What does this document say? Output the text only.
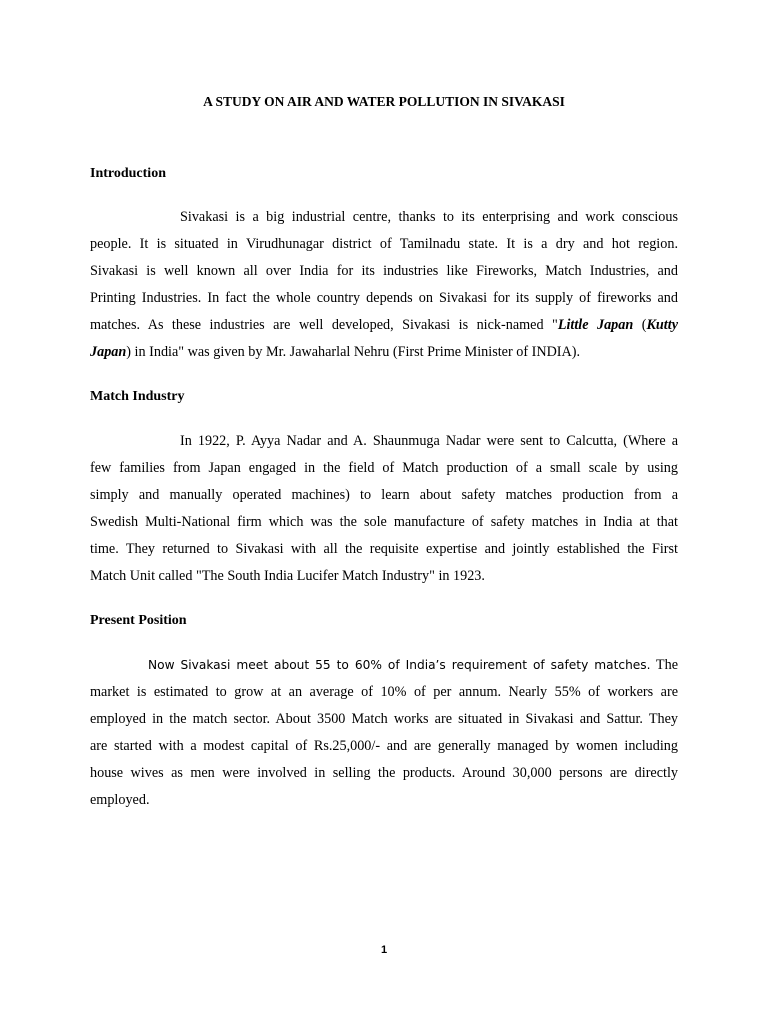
A STUDY ON AIR AND WATER POLLUTION IN SIVAKASI
Introduction
Sivakasi is a big industrial centre, thanks to its enterprising and work conscious
people. It is situated in Virudhunagar district of Tamilnadu state. It is a dry and hot region.
Sivakasi is well known all over India for its industries like Fireworks, Match Industries, and
Printing Industries. In fact the whole country depends on Sivakasi for its supply of fireworks and
matches. As these industries are well developed, Sivakasi is nick-named "Little Japan (Kutty
Japan) in India" was given by Mr. Jawaharlal Nehru (First Prime Minister of INDIA).
Match Industry
In 1922, P. Ayya Nadar and A. Shaunmuga Nadar were sent to Calcutta, (Where a
few families from Japan engaged in the field of Match production of a small scale by using
simply and manually operated machines) to learn about safety matches production from a
Swedish Multi-National firm which was the sole manufacture of safety matches in India at that
time. They returned to Sivakasi with all the requisite expertise and jointly established the First
Match Unit called "The South India Lucifer Match Industry" in 1923.
Present Position
Now Sivakasi meet about 55 to 60% of India’s requirement of safety matches. The
market is estimated to grow at an average of 10% of per annum. Nearly 55% of workers are
employed in the match sector. About 3500 Match works are situated in Sivakasi and Sattur. They
are started with a modest capital of Rs.25,000/- and are generally managed by women including
house wives as men were involved in selling the products. Around 30,000 persons are directly
employed.
1
